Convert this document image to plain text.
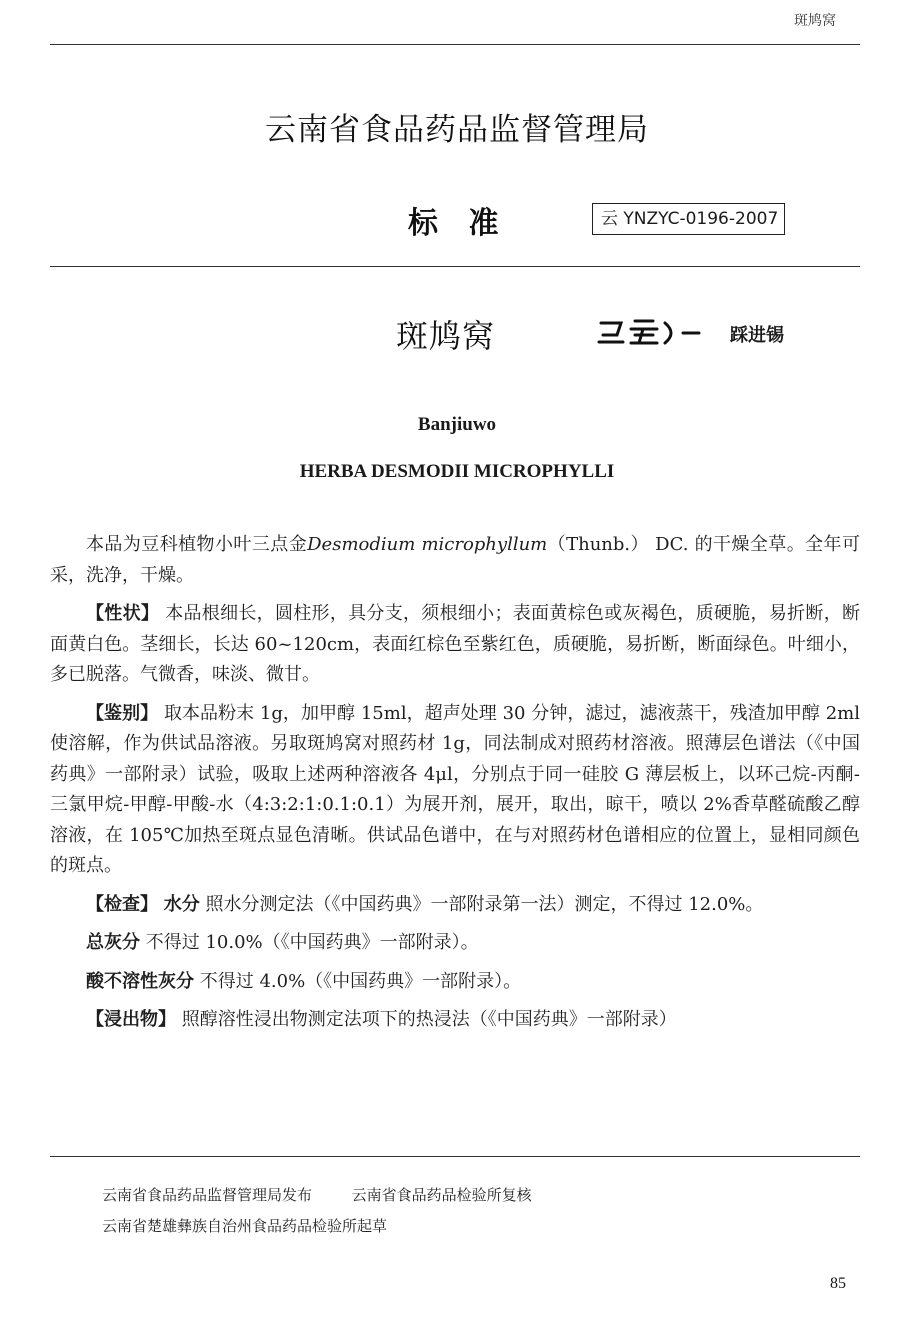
斑鸠窝
云南省食品药品监督管理局
标 准	云 YNZYC-0196-2007
斑鸠窝	踩进锡
Banjiuwo
HERBA DESMODII MICROPHYLLI

本品为豆科植物小叶三点金Desmodium microphyllum（Thunb.） DC. 的干燥全草。全年可采，洗净，干燥。

【性状】 本品根细长，圆柱形，具分支，须根细小；表面黄棕色或灰褐色，质硬脆，易折断，断面黄白色。茎细长，长达 60~120cm，表面红棕色至紫红色，质硬脆，易折断，断面绿色。叶细小，多已脱落。气微香，味淡、微甘。

【鉴别】 取本品粉末 1g，加甲醇 15ml，超声处理 30 分钟，滤过，滤液蒸干，残渣加甲醇 2ml 使溶解，作为供试品溶液。另取斑鸠窝对照药材 1g，同法制成对照药材溶液。照薄层色谱法（《中国药典》一部附录）试验，吸取上述两种溶液各 4μl，分别点于同一硅胶 G 薄层板上，以环己烷-丙酮-三氯甲烷-甲醇-甲酸-水（4:3:2:1:0.1:0.1）为展开剂，展开，取出，晾干，喷以 2%香草醛硫酸乙醇溶液，在 105℃加热至斑点显色清晰。供试品色谱中，在与对照药材色谱相应的位置上，显相同颜色的斑点。

【检查】 水分 照水分测定法（《中国药典》一部附录第一法）测定，不得过 12.0%。

总灰分 不得过 10.0%（《中国药典》一部附录）。

酸不溶性灰分 不得过 4.0%（《中国药典》一部附录）。

【浸出物】 照醇溶性浸出物测定法项下的热浸法（《中国药典》一部附录）

云南省食品药品监督管理局发布	云南省食品药品检验所复核
云南省楚雄彝族自治州食品药品检验所起草
85
